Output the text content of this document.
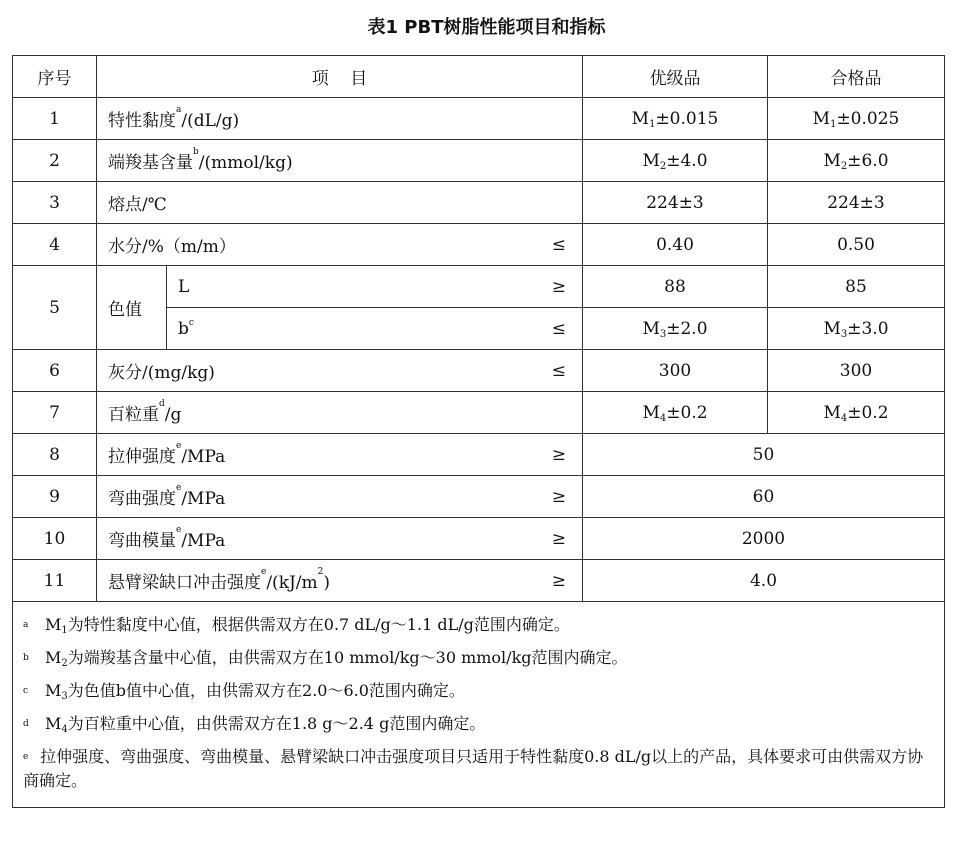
表1 PBT树脂性能项目和指标
序号	项    目		优级品	合格品
1	特性黏度$^a$/(dL/g)		$M_1\pm 0.015$	$M_1\pm 0.025$
2	端羧基含量$^b$/(mmol/kg)		$M_2\pm 4.0$	$M_2\pm 6.0$
3	熔点/℃		224±3	224±3
4	水分/%（m/m） ≤		0.40	0.50
5	色值	L ≥	88	85

		$b^c$ ≤	$M_3\pm 2.0$	$M_3\pm 3.0$
6	灰分/(mg/kg) ≤		300	300
7	百粒重$^d$/g		$M_4\pm 0.2$	$M_4\pm 0.2$
8	拉伸强度$^e$/MPa ≥		50	
9	弯曲强度$^e$/MPa ≥		60	
10	弯曲模量$^e$/MPa ≥		2000	
11	悬臂梁缺口冲击强度$^e/(kJ/m^2)$ ≥		4.0	

a $M_1$为特性黏度中心值，根据供需双方在0.7 dL/g～1.1 dL/g范围内确定。
b $M_2$为端羧基含量中心值，由供需双方在10 mmol/kg～30 mmol/kg范围内确定。
c $M_3$为色值b值中心值，由供需双方在2.0～6.0范围内确定。
d $M_4$为百粒重中心值，由供需双方在1.8 g～2.4 g范围内确定。
e 拉伸强度、弯曲强度、弯曲模量、悬臂梁缺口冲击强度项目只适用于特性黏度0.8 dL/g以上的产品，具体要求可由供需双方协商确定。				
